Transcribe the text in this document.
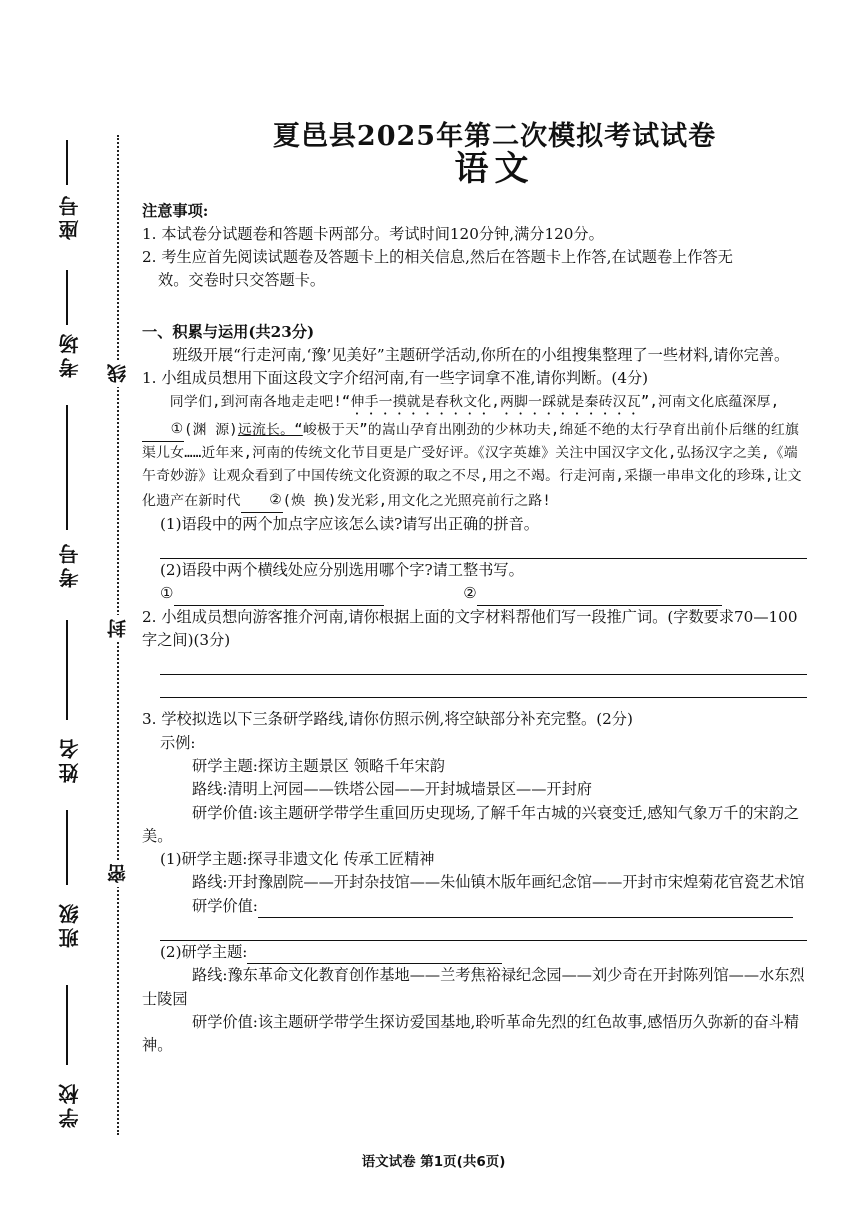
座号
考场
考号
姓名
班级
学校
线
封
密
夏邑县2025年第二次模拟考试试卷
语文

注意事项:

1. 本试卷分试题卷和答题卡两部分。考试时间120分钟,满分120分。

2. 考生应首先阅读试题卷及答题卡上的相关信息,然后在答题卡上作答,在试题卷上作答无

效。交卷时只交答题卡。

一、积累与运用(共23分)

班级开展“行走河南,‘豫’见美好”主题研学活动,你所在的小组搜集整理了一些材料,请你完善。

1. 小组成员想用下面这段文字介绍河南,有一些字词拿不准,请你判断。(4分)

同学们,到河南各地走走吧!“伸手一摸就是春秋文化,两脚一踩就是秦砖汉瓦”,河南文化底蕴深厚,①(渊 源)远流长。“峻极于天”的嵩山孕育出刚劲的少林功夫,绵延不绝的太行孕育出前仆后继的红旗渠儿女……近年来,河南的传统文化节目更是广受好评。《汉字英雄》关注中国汉字文化,弘扬汉字之美,《端午奇妙游》让观众看到了中国传统文化资源的取之不尽,用之不竭。行走河南,采撷一串串文化的珍珠,让文化遗产在新时代 ②(焕 换)发光彩,用文化之光照亮前行之路!

(1)语段中的两个加点字应该怎么读?请写出正确的拼音。

(2)语段中两个横线处应分别选用哪个字?请工整书写。

①	②

2. 小组成员想向游客推介河南,请你根据上面的文字材料帮他们写一段推广词。(字数要求70—100字之间)(3分)

3. 学校拟选以下三条研学路线,请你仿照示例,将空缺部分补充完整。(2分)

示例:

研学主题:探访主题景区 领略千年宋韵

路线:清明上河园——铁塔公园——开封城墙景区——开封府

研学价值:该主题研学带学生重回历史现场,了解千年古城的兴衰变迁,感知气象万千的宋韵之美。

(1)研学主题:探寻非遗文化 传承工匠精神

路线:开封豫剧院——开封杂技馆——朱仙镇木版年画纪念馆——开封市宋煌菊花官瓷艺术馆

研学价值:

(2)研学主题:

路线:豫东革命文化教育创作基地——兰考焦裕禄纪念园——刘少奇在开封陈列馆——水东烈士陵园

研学价值:该主题研学带学生探访爱国基地,聆听革命先烈的红色故事,感悟历久弥新的奋斗精神。

语文试卷 第1页(共6页)
